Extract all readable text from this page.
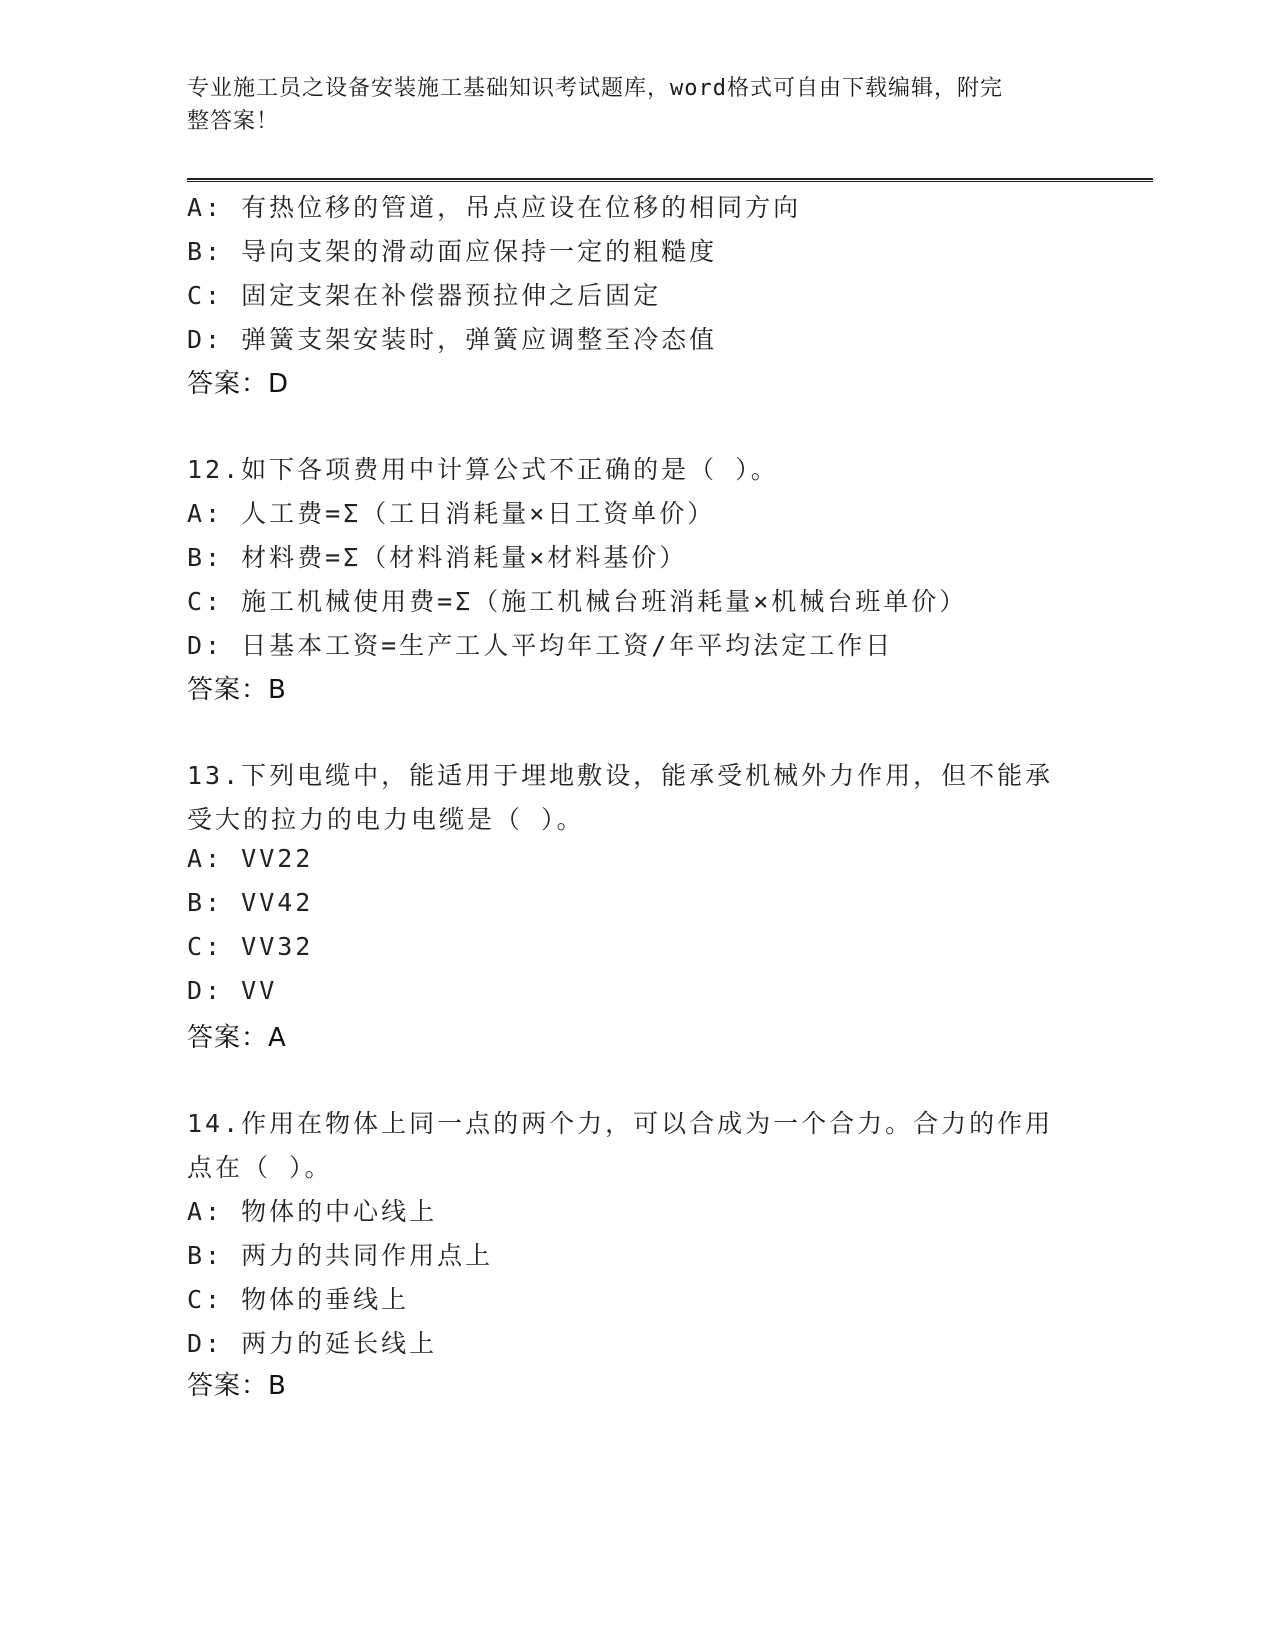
专业施工员之设备安装施工基础知识考试题库，word格式可自由下载编辑，附完
整答案！
A: 有热位移的管道，吊点应设在位移的相同方向
B: 导向支架的滑动面应保持一定的粗糙度
C: 固定支架在补偿器预拉伸之后固定
D: 弹簧支架安装时，弹簧应调整至冷态值
答案：D
12.如下各项费用中计算公式不正确的是（ ）。
A: 人工费=Σ（工日消耗量×日工资单价）
B: 材料费=Σ（材料消耗量×材料基价）
C: 施工机械使用费=Σ（施工机械台班消耗量×机械台班单价）
D: 日基本工资=生产工人平均年工资/年平均法定工作日
答案：B
13.下列电缆中，能适用于埋地敷设，能承受机械外力作用，但不能承
受大的拉力的电力电缆是（ ）。
A: VV22
B: VV42
C: VV32
D: VV
答案：A
14.作用在物体上同一点的两个力，可以合成为一个合力。合力的作用
点在（ ）。
A: 物体的中心线上
B: 两力的共同作用点上
C: 物体的垂线上
D: 两力的延长线上
答案：B
